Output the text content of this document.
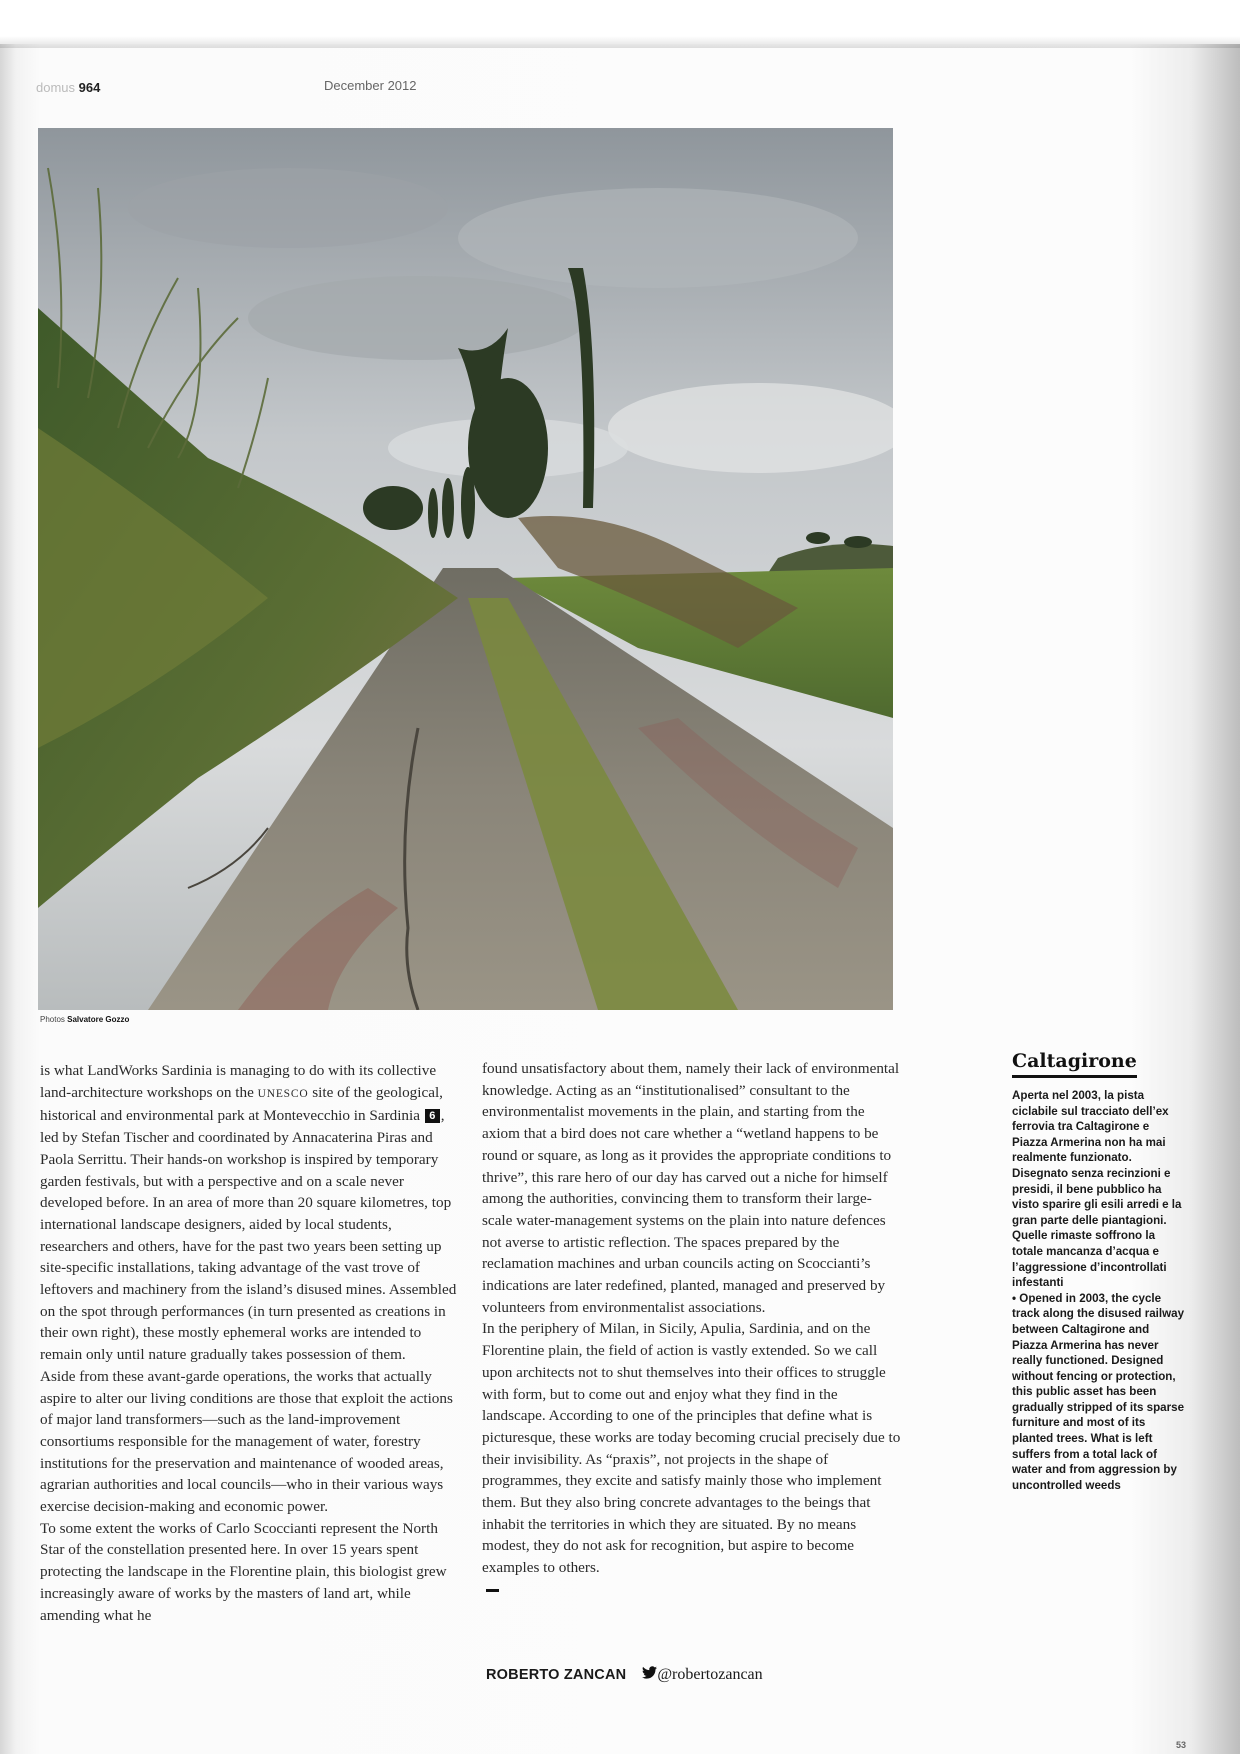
domus 964	December 2012
Photos Salvatore Gozzo

is what LandWorks Sardinia is managing to do with its collective land-architecture workshops on the UNESCO site of the geological, historical and environmental park at Montevecchio in Sardinia 6 , led by Stefan Tischer and coordinated by Annacaterina Piras and Paola Serrittu. Their hands-on workshop is inspired by temporary garden festivals, but with a perspective and on a scale never developed before. In an area of more than 20 square kilometres, top international landscape designers, aided by local students, researchers and others, have for the past two years been setting up site-specific installations, taking advantage of the vast trove of leftovers and machinery from the island’s disused mines. Assembled on the spot through performances (in turn presented as creations in their own right), these mostly ephemeral works are intended to remain only until nature gradually takes possession of them.

Aside from these avant-garde operations, the works that actually aspire to alter our living conditions are those that exploit the actions of major land transformers—such as the land-improvement consortiums responsible for the management of water, forestry institutions for the preservation and maintenance of wooded areas, agrarian authorities and local councils—who in their various ways exercise decision-making and economic power.

To some extent the works of Carlo Scoccianti represent the North Star of the constellation presented here. In over 15 years spent protecting the landscape in the Florentine plain, this biologist grew increasingly aware of works by the masters of land art, while amending what he

found unsatisfactory about them, namely their lack of environmental knowledge. Acting as an “institutionalised” consultant to the environmentalist movements in the plain, and starting from the axiom that a bird does not care whether a “wetland happens to be round or square, as long as it provides the appropriate conditions to thrive”, this rare hero of our day has carved out a niche for himself among the authorities, convincing them to transform their large-scale water-management systems on the plain into nature defences not averse to artistic reflection. The spaces prepared by the reclamation machines and urban councils acting on Scoccianti’s indications are later redefined, planted, managed and preserved by volunteers from environmentalist associations.

In the periphery of Milan, in Sicily, Apulia, Sardinia, and on the Florentine plain, the field of action is vastly extended. So we call upon architects not to shut themselves into their offices to struggle with form, but to come out and enjoy what they find in the landscape. According to one of the principles that define what is picturesque, these works are today becoming crucial precisely due to their invisibility. As “praxis”, not projects in the shape of programmes, they excite and satisfy mainly those who implement them. But they also bring concrete advantages to the beings that inhabit the territories in which they are situated. By no means modest, they do not ask for recognition, but aspire to become examples to others.

ROBERTO ZANCAN @robertozancan
Caltagirone
Aperta nel 2003, la pista ciclabile sul tracciato dell’ex ferrovia tra Caltagirone e Piazza Armerina non ha mai realmente funzionato. Disegnato senza recinzioni e presidi, il bene pubblico ha visto sparire gli esili arredi e la gran parte delle piantagioni. Quelle rimaste soffrono la totale mancanza d’acqua e l’aggressione d’incontrollati infestanti
• Opened in 2003, the cycle track along the disused railway between Caltagirone and Piazza Armerina has never really functioned. Designed without fencing or protection, this public asset has been gradually stripped of its sparse furniture and most of its planted trees. What is left suffers from a total lack of water and from aggression by uncontrolled weeds
53
